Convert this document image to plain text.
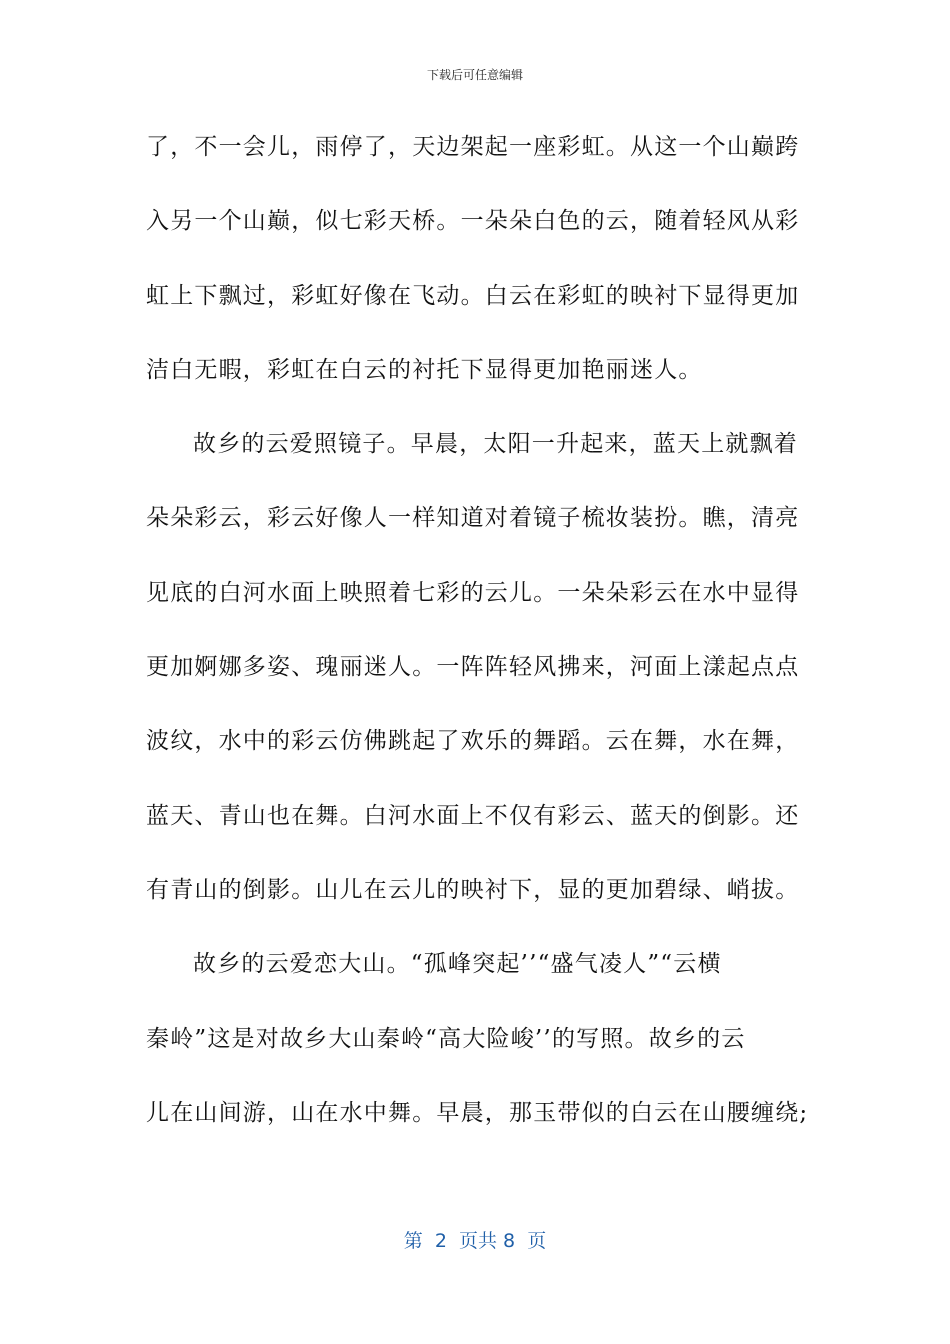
下载后可任意编辑
了，不一会儿，雨停了，天边架起一座彩虹。从这一个山巅跨
入另一个山巅，似七彩天桥。一朵朵白色的云，随着轻风从彩
虹上下飘过，彩虹好像在飞动。白云在彩虹的映衬下显得更加
洁白无暇，彩虹在白云的衬托下显得更加艳丽迷人。
故乡的云爱照镜子。早晨，太阳一升起来，蓝天上就飘着
朵朵彩云，彩云好像人一样知道对着镜子梳妆装扮。瞧，清亮
见底的白河水面上映照着七彩的云儿。一朵朵彩云在水中显得
更加婀娜多姿、瑰丽迷人。一阵阵轻风拂来，河面上漾起点点
波纹，水中的彩云仿佛跳起了欢乐的舞蹈。云在舞，水在舞，
蓝天、青山也在舞。白河水面上不仅有彩云、蓝天的倒影。还
有青山的倒影。山儿在云儿的映衬下，显的更加碧绿、峭拔。
故乡的云爱恋大山。“孤峰突起’’“盛气凌人”“云横
秦岭”这是对故乡大山秦岭“高大险峻’’的写照。故乡的云
儿在山间游，山在水中舞。早晨，那玉带似的白云在山腰缠绕;
第  2  页共 8  页
